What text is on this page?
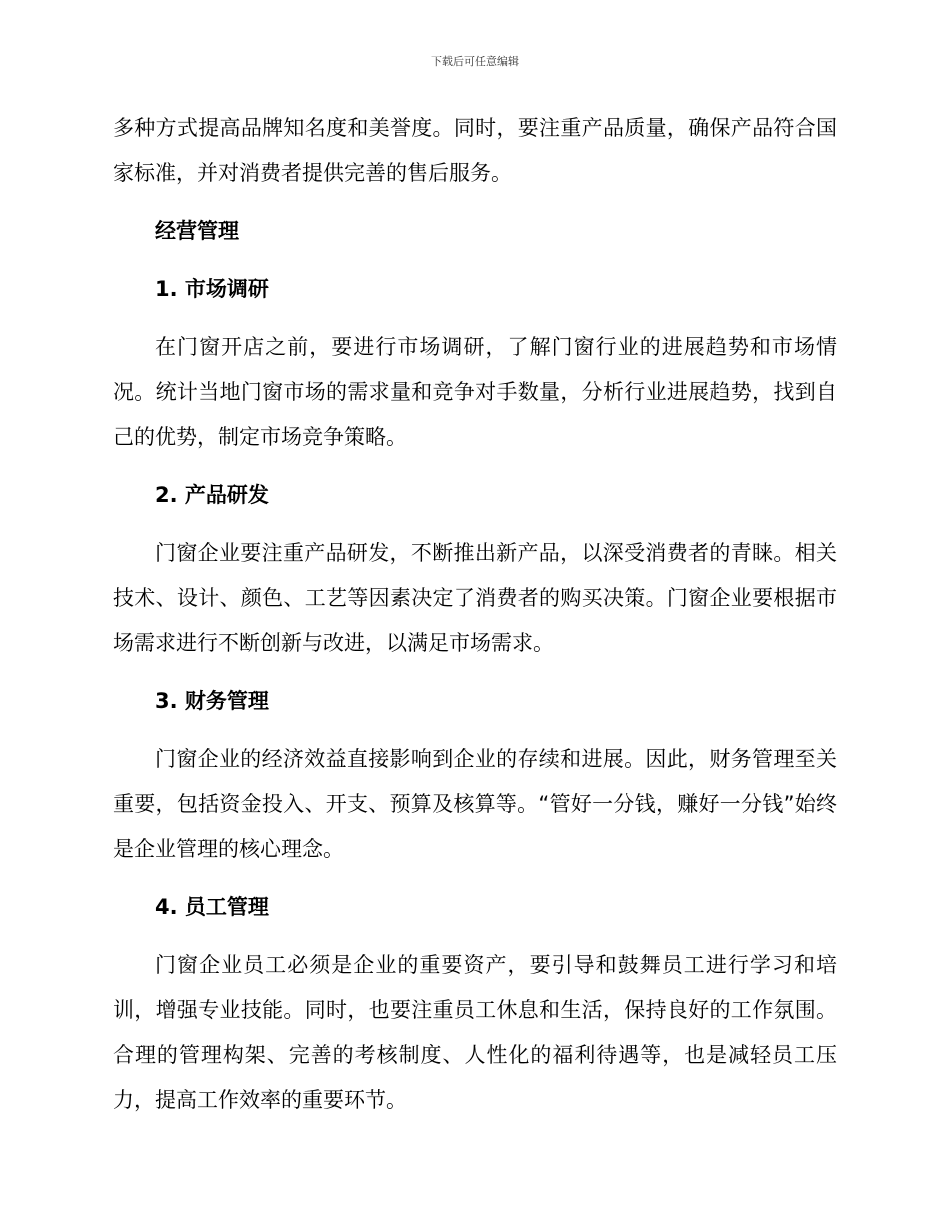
下载后可任意编辑

多种方式提高品牌知名度和美誉度。同时，要注重产品质量，确保产品符合国家标准，并对消费者提供完善的售后服务。

经营管理

1. 市场调研

在门窗开店之前，要进行市场调研，了解门窗行业的进展趋势和市场情况。统计当地门窗市场的需求量和竞争对手数量，分析行业进展趋势，找到自己的优势，制定市场竞争策略。

2. 产品研发

门窗企业要注重产品研发，不断推出新产品，以深受消费者的青睐。相关技术、设计、颜色、工艺等因素决定了消费者的购买决策。门窗企业要根据市场需求进行不断创新与改进，以满足市场需求。

3. 财务管理

门窗企业的经济效益直接影响到企业的存续和进展。因此，财务管理至关重要，包括资金投入、开支、预算及核算等。“管好一分钱，赚好一分钱”始终是企业管理的核心理念。

4. 员工管理

门窗企业员工必须是企业的重要资产，要引导和鼓舞员工进行学习和培训，增强专业技能。同时，也要注重员工休息和生活，保持良好的工作氛围。合理的管理构架、完善的考核制度、人性化的福利待遇等，也是减轻员工压力，提高工作效率的重要环节。
